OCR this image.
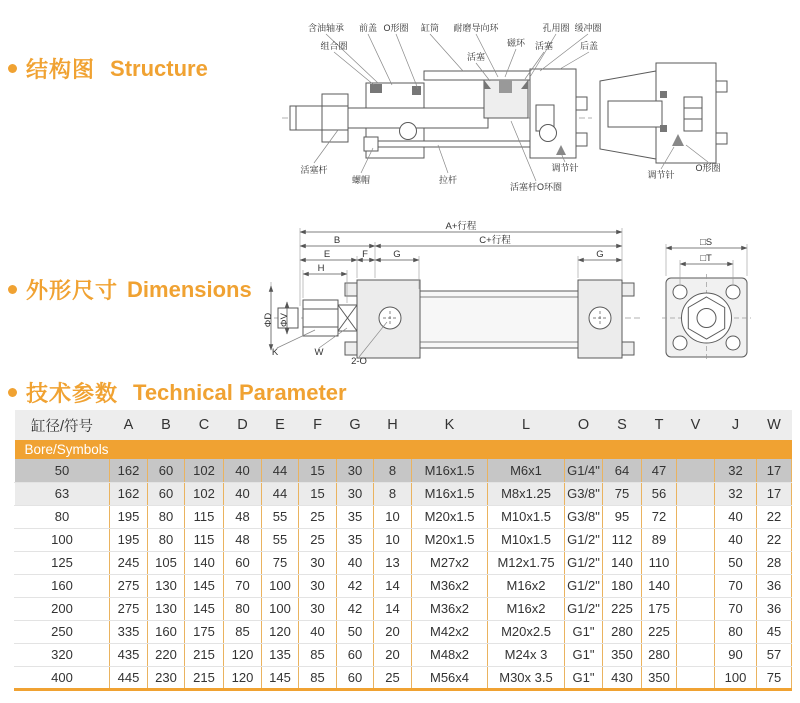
结构图 Structure
外形尺寸 Dimensions
技术参数 Technical Parameter
含油轴承 前盖 O形圈 缸筒 耐磨导向环	孔用圈 缓冲圈
组合圈	磁环
活塞
活塞	后盖
活塞杆
螺帽	拉杆
活塞杆O环圈
调节针
调节针
O形圈
A+行程
B	C+行程
E	F	G	G
H
ΦD ΦV
K	W
2-O
□S
□T
缸径/符号	A	B	C	D	E	F	G	H	K	L	O	S	T	V	J	W
Bore/Symbols																
50	162	60	102	40	44	15	30	8	M16x1.5	M6x1	G1/4"	64	47		32	17
63	162	60	102	40	44	15	30	8	M16x1.5	M8x1.25	G3/8"	75	56		32	17
80	195	80	115	48	55	25	35	10	M20x1.5	M10x1.5	G3/8"	95	72		40	22
100	195	80	115	48	55	25	35	10	M20x1.5	M10x1.5	G1/2"	112	89		40	22
125	245	105	140	60	75	30	40	13	M27x2	M12x1.75	G1/2"	140	110		50	28
160	275	130	145	70	100	30	42	14	M36x2	M16x2	G1/2"	180	140		70	36
200	275	130	145	80	100	30	42	14	M36x2	M16x2	G1/2"	225	175		70	36
250	335	160	175	85	120	40	50	20	M42x2	M20x2.5	G1"	280	225		80	45
320	435	220	215	120	135	85	60	20	M48x2	M24x 3	G1"	350	280		90	57
400	445	230	215	120	145	85	60	25	M56x4	M30x 3.5	G1"	430	350		100	75
